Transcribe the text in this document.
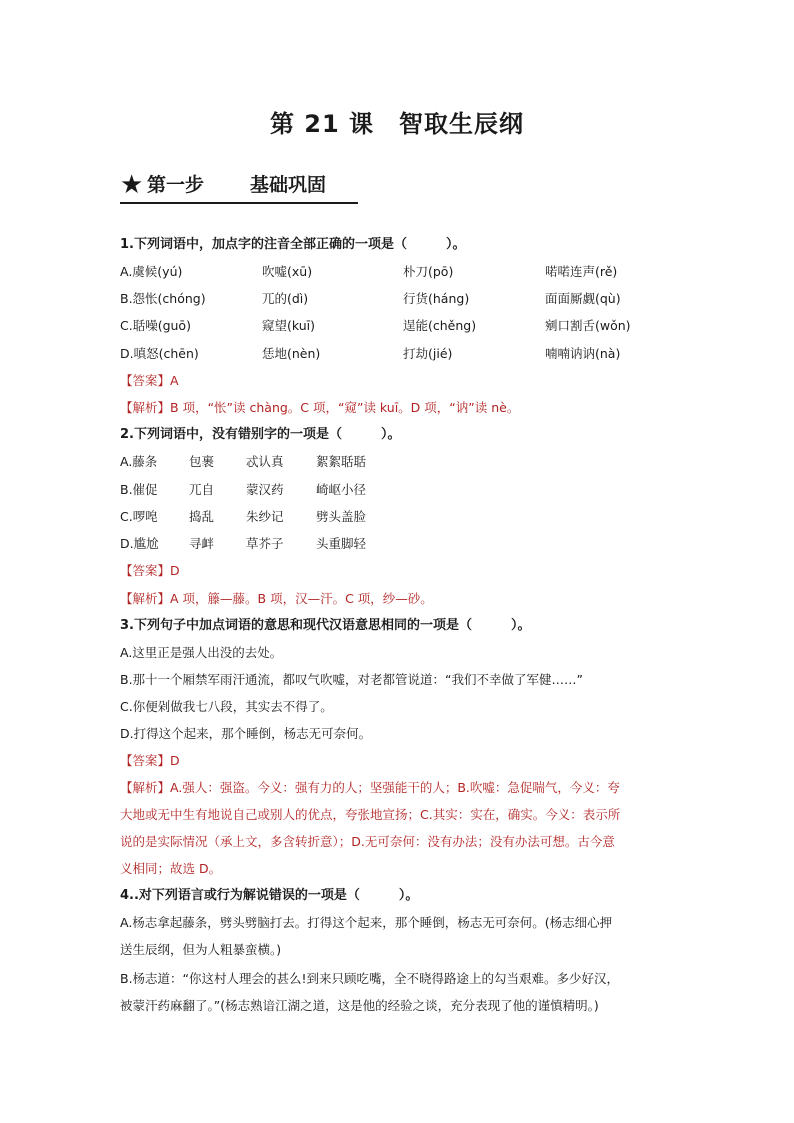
第 21 课　智取生辰纲
★ 第一步 基础巩固
1.下列词语中，加点字的注音全部正确的一项是（　　　）。
A.虞候(yú)	吹嘘(xū)	朴刀(pō)	喏喏连声(rě)
B.怨怅(chóng)	兀的(dì)	行货(háng)	面面厮觑(qù)
C.聒噪(guō)	窥望(kuī)	逞能(chěng)	剜口割舌(wǒn)
D.嗔怒(chēn)	恁地(nèn)	打劫(jié)	喃喃讷讷(nà)
【答案】A
【解析】B 项，“怅”读 chàng。C 项，“窥”读 kuī。D 项，“讷”读 nè。
2.下列词语中，没有错别字的一项是（　　　）。
A.藤条	包裹	忒认真	絮絮聒聒
B.催促	兀自	蒙汉药	崎岖小径
C.啰唣	捣乱	朱纱记	劈头盖脸
D.尴尬 寻衅	草芥子	头重脚轻
【答案】D
【解析】A 项，籐—藤。B 项，汉—汗。C 项，纱—砂。
3.下列句子中加点词语的意思和现代汉语意思相同的一项是（　　　）。
A.这里正是强人出没的去处。
B.那十一个厢禁军雨汗通流，都叹气吹嘘，对老都管说道：“我们不幸做了军健……”
C.你便剁做我七八段，其实去不得了。
D.打得这个起来，那个睡倒，杨志无可奈何。
【答案】D
【解析】A.强人：强盗。今义：强有力的人；坚强能干的人；B.吹嘘：急促喘气，今义：夸
大地或无中生有地说自己或别人的优点，夸张地宣扬；C.其实：实在，确实。今义：表示所
说的是实际情况（承上文，多含转折意）；D.无可奈何：没有办法；没有办法可想。古今意
义相同；故选 D。
4..对下列语言或行为解说错误的一项是（　　　）。
A.杨志拿起藤条，劈头劈脑打去。打得这个起来，那个睡倒，杨志无可奈何。(杨志细心押
送生辰纲，但为人粗暴蛮横。)
B.杨志道：“你这村人理会的甚么!到来只顾吃嘴，全不晓得路途上的勾当艰难。多少好汉，
被蒙汗药麻翻了。”(杨志熟谙江湖之道，这是他的经验之谈，充分表现了他的谨慎精明。)
